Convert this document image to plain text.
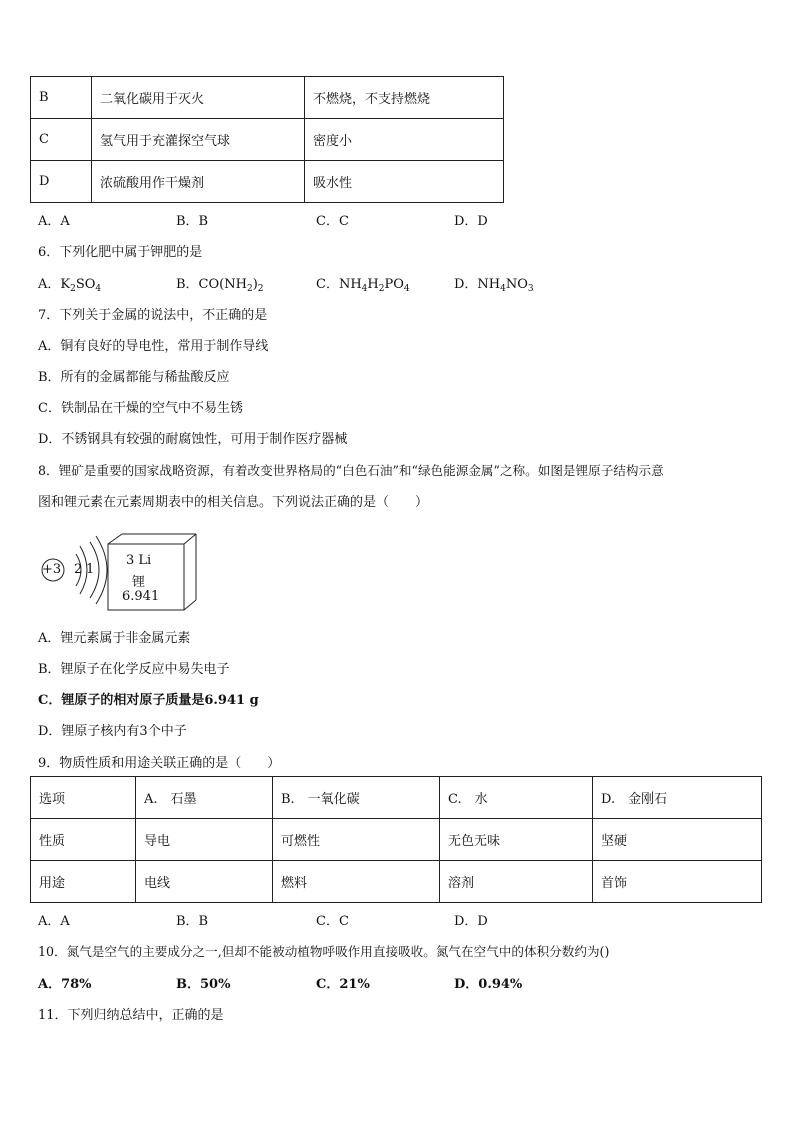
B	二氧化碳用于灭火	不燃烧，不支持燃烧
C	氢气用于充灌探空气球	密度小
D	浓硫酸用作干燥剂	吸水性
A．A	B．B	C．C	D．D
6．下列化肥中属于钾肥的是
A．$K_2SO_4$	B．$CO(NH_2)_2$	C．$NH_4H_2PO_4$	D．$NH_4NO_3$
7．下列关于金属的说法中，不正确的是
A．铜有良好的导电性，常用于制作导线
B．所有的金属都能与稀盐酸反应
C．铁制品在干燥的空气中不易生锈
D．不锈钢具有较强的耐腐蚀性，可用于制作医疗器械
8．锂矿是重要的国家战略资源，有着改变世界格局的“白色石油”和“绿色能源金属”之称。如图是锂原子结构示意
图和锂元素在元素周期表中的相关信息。下列说法正确的是（　　）
+3 2 1
3 Li
锂
6.941
A．锂元素属于非金属元素
B．锂原子在化学反应中易失电子
C．锂原子的相对原子质量是6.941 g
D．锂原子核内有3个中子
9．物质性质和用途关联正确的是（　　）
选项	A.　石墨	B.　一氧化碳	C.　水	D.　金刚石
性质	导电	可燃性	无色无味	坚硬
用途	电线	燃料	溶剂	首饰
A．A	B．B	C．C	D．D
10．氮气是空气的主要成分之一,但却不能被动植物呼吸作用直接吸收。氮气在空气中的体积分数约为()
A．78%	B．50%	C．21%	D．0.94%
11．下列归纳总结中，正确的是
